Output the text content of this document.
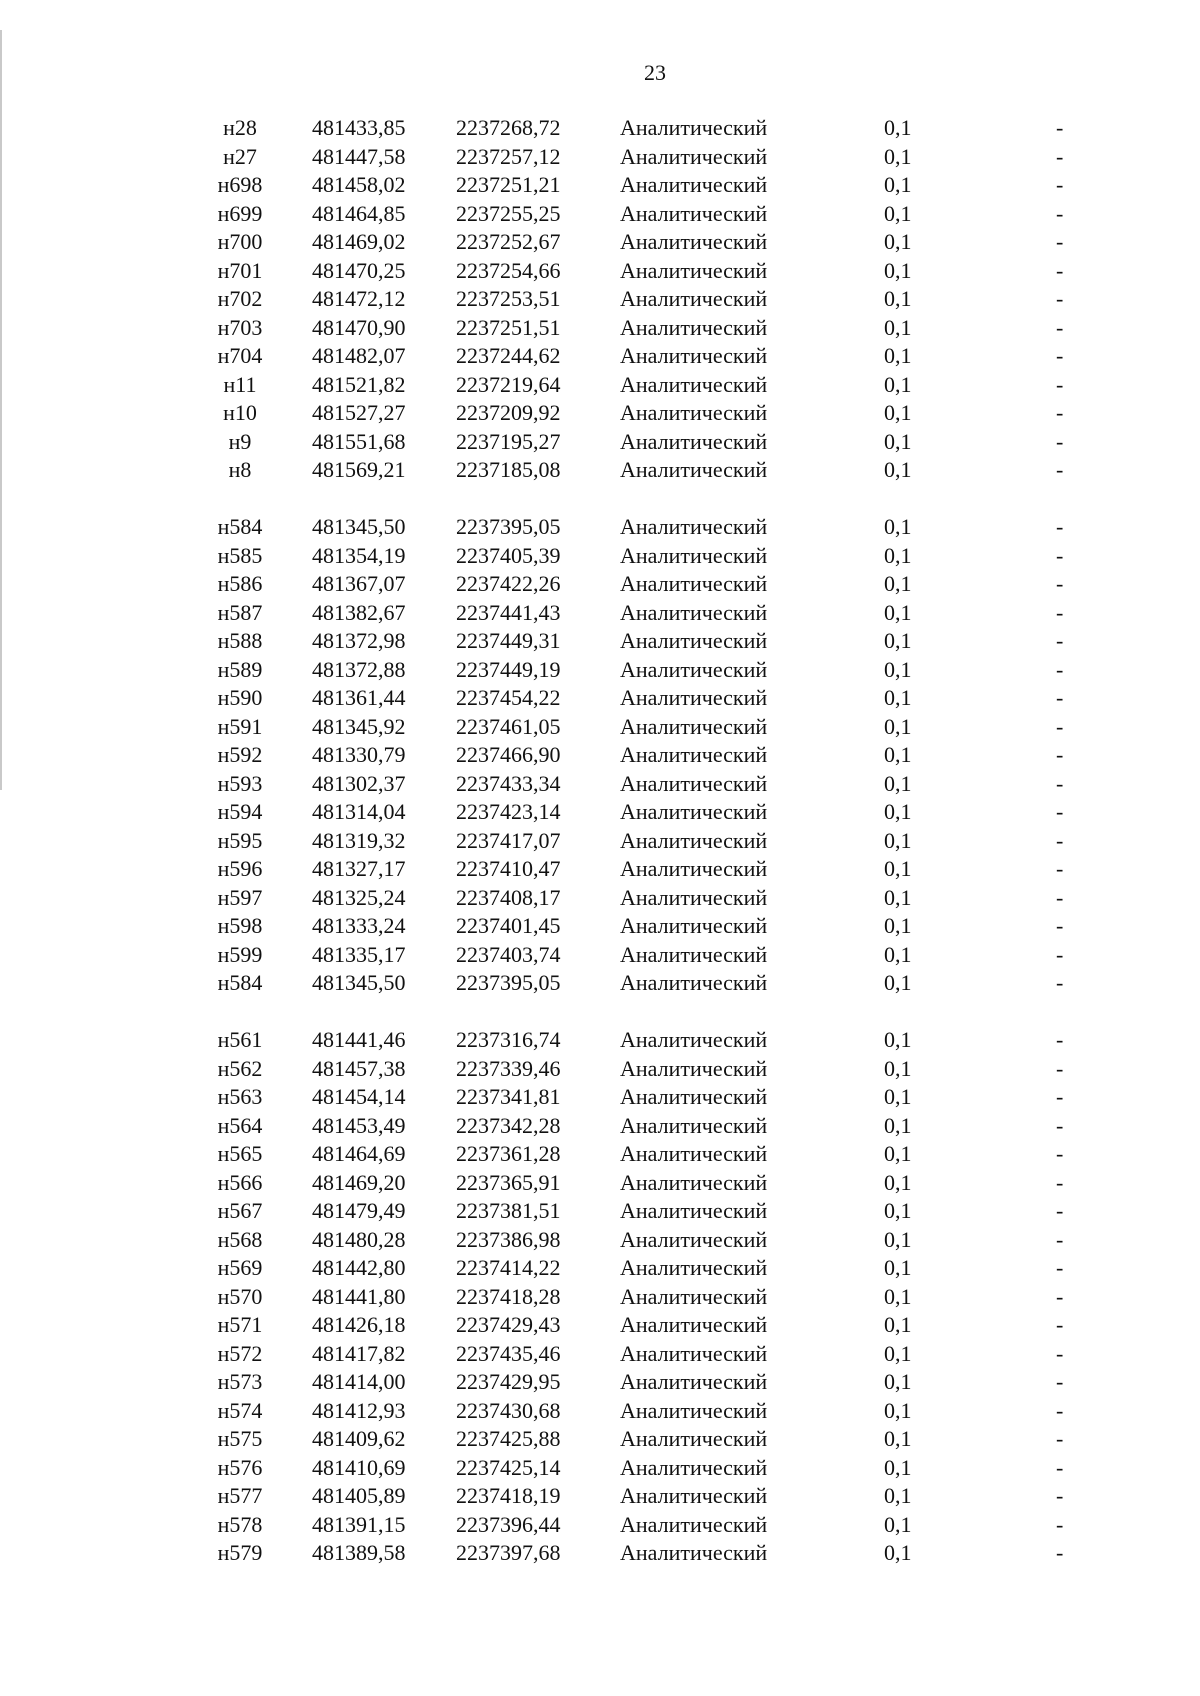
23
н28	481433,85 2237268,72	Аналитический	0,1	-
н27	481447,58 2237257,12	Аналитический	0,1	-
н698	481458,02 2237251,21	Аналитический	0,1	-
н699	481464,85 2237255,25	Аналитический	0,1	-
н700	481469,02 2237252,67	Аналитический	0,1	-
н701	481470,25 2237254,66	Аналитический	0,1	-
н702	481472,12 2237253,51	Аналитический	0,1	-
н703	481470,90 2237251,51	Аналитический	0,1	-
н704	481482,07 2237244,62	Аналитический	0,1	-
н11	481521,82 2237219,64	Аналитический	0,1	-
н10	481527,27 2237209,92	Аналитический	0,1	-
н9	481551,68 2237195,27	Аналитический	0,1	-
н8	481569,21 2237185,08	Аналитический	0,1	-
н584	481345,50 2237395,05	Аналитический	0,1	-
н585	481354,19 2237405,39	Аналитический	0,1	-
н586	481367,07 2237422,26	Аналитический	0,1	-
н587	481382,67 2237441,43	Аналитический	0,1	-
н588	481372,98 2237449,31	Аналитический	0,1	-
н589	481372,88 2237449,19	Аналитический	0,1	-
н590	481361,44 2237454,22	Аналитический	0,1	-
н591	481345,92 2237461,05	Аналитический	0,1	-
н592	481330,79 2237466,90	Аналитический	0,1	-
н593	481302,37 2237433,34	Аналитический	0,1	-
н594	481314,04 2237423,14	Аналитический	0,1	-
н595	481319,32 2237417,07	Аналитический	0,1	-
н596	481327,17 2237410,47	Аналитический	0,1	-
н597	481325,24 2237408,17	Аналитический	0,1	-
н598	481333,24 2237401,45	Аналитический	0,1	-
н599	481335,17 2237403,74	Аналитический	0,1	-
н584	481345,50 2237395,05	Аналитический	0,1	-
н561	481441,46 2237316,74	Аналитический	0,1	-
н562	481457,38 2237339,46	Аналитический	0,1	-
н563	481454,14 2237341,81	Аналитический	0,1	-
н564	481453,49 2237342,28	Аналитический	0,1	-
н565	481464,69 2237361,28	Аналитический	0,1	-
н566	481469,20 2237365,91	Аналитический	0,1	-
н567	481479,49 2237381,51	Аналитический	0,1	-
н568	481480,28 2237386,98	Аналитический	0,1	-
н569	481442,80 2237414,22	Аналитический	0,1	-
н570	481441,80 2237418,28	Аналитический	0,1	-
н571	481426,18 2237429,43	Аналитический	0,1	-
н572	481417,82 2237435,46	Аналитический	0,1	-
н573	481414,00 2237429,95	Аналитический	0,1	-
н574	481412,93 2237430,68	Аналитический	0,1	-
н575	481409,62 2237425,88	Аналитический	0,1	-
н576	481410,69 2237425,14	Аналитический	0,1	-
н577	481405,89 2237418,19	Аналитический	0,1	-
н578	481391,15 2237396,44	Аналитический	0,1	-
н579	481389,58 2237397,68	Аналитический	0,1	-
